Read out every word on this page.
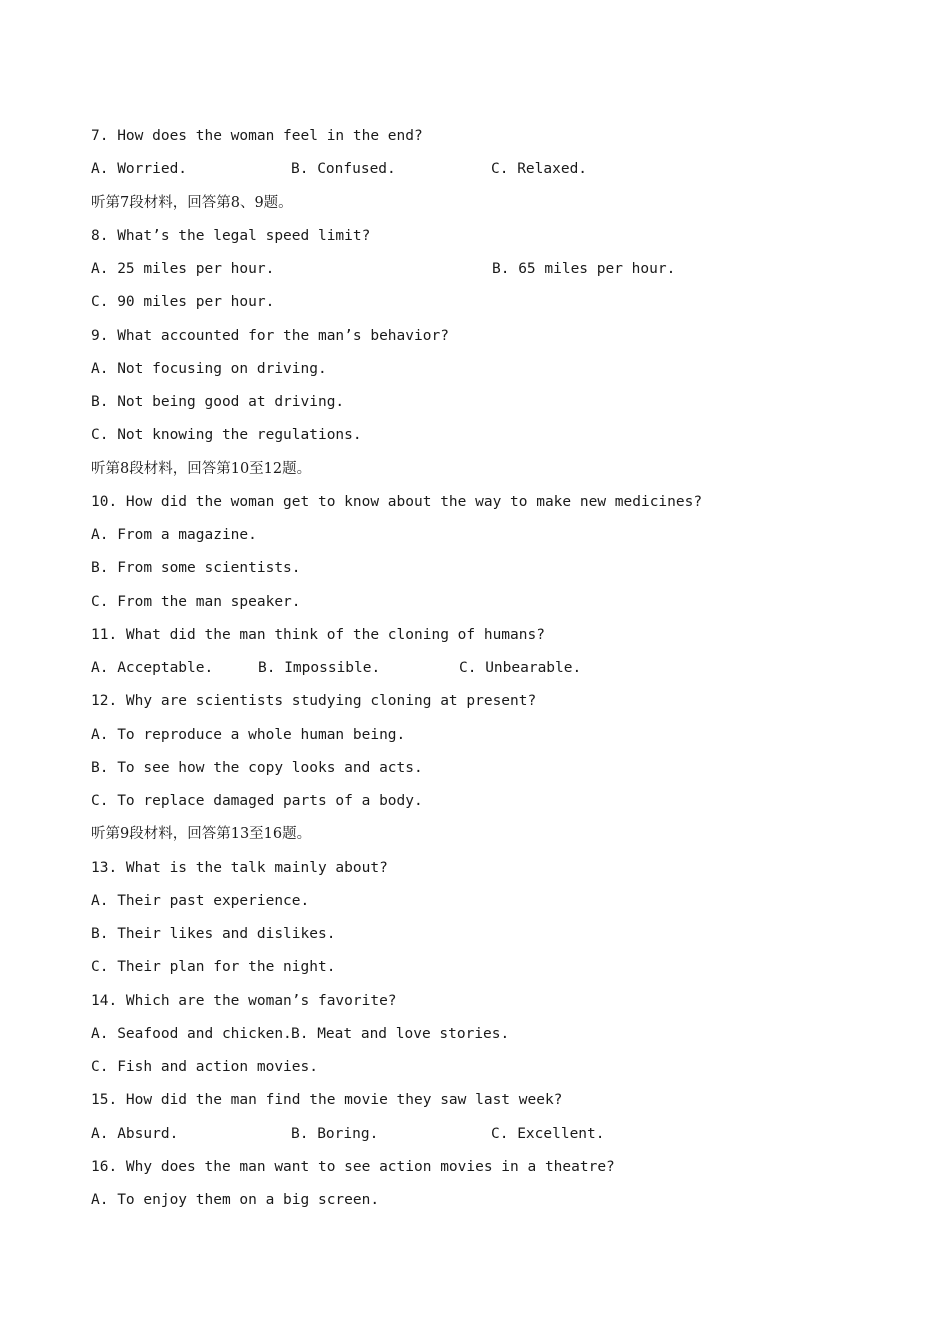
7. How does the woman feel in the end?
A. Worried.	B. Confused.	C. Relaxed.
听第7段材料，回答第8、9题。
8. What’s the legal speed limit?
A. 25 miles per hour.	B. 65 miles per hour.
C. 90 miles per hour.
9. What accounted for the man’s behavior?
A. Not focusing on driving.
B. Not being good at driving.
C. Not knowing the regulations.
听第8段材料，回答第10至12题。
10. How did the woman get to know about the way to make new medicines?
A. From a magazine.
B. From some scientists.
C. From the man speaker.
11. What did the man think of the cloning of humans?
A. Acceptable.	B. Impossible.	C. Unbearable.
12. Why are scientists studying cloning at present?
A. To reproduce a whole human being.
B. To see how the copy looks and acts.
C. To replace damaged parts of a body.
听第9段材料，回答第13至16题。
13. What is the talk mainly about?
A. Their past experience.
B. Their likes and dislikes.
C. Their plan for the night.
14. Which are the woman’s favorite?
A. Seafood and chicken. B. Meat and love stories.
C. Fish and action movies.
15. How did the man find the movie they saw last week?
A. Absurd.	B. Boring.	C. Excellent.
16. Why does the man want to see action movies in a theatre?
A. To enjoy them on a big screen.
